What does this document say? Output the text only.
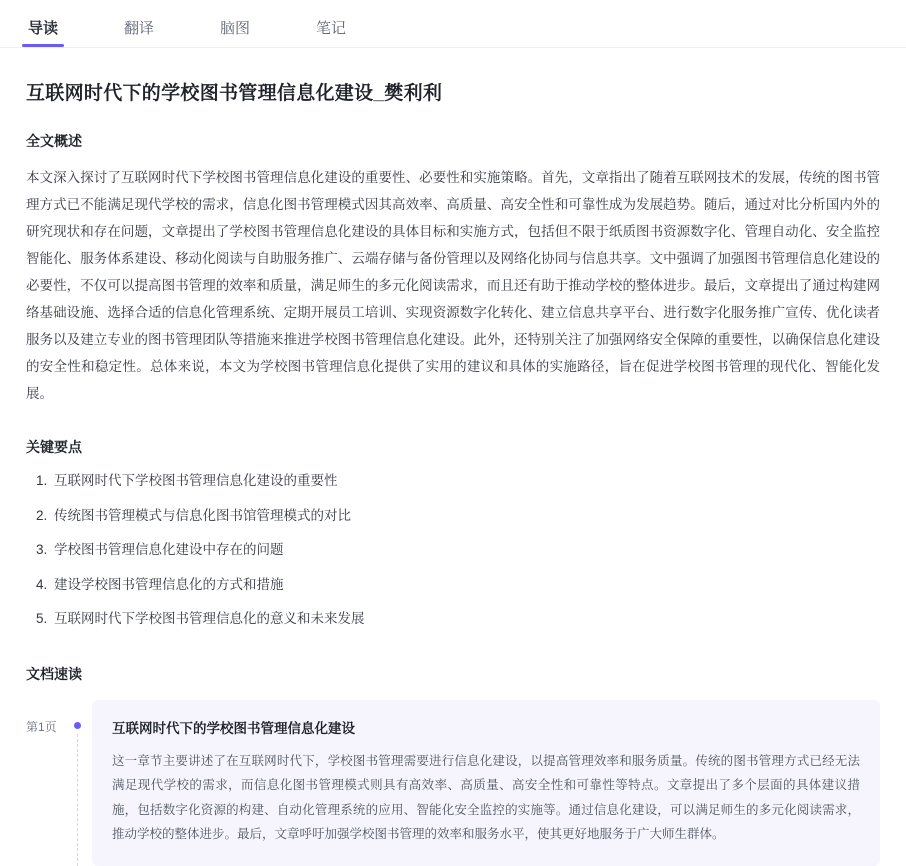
导读	翻译	脑图	笔记
互联网时代下的学校图书管理信息化建设_樊利利
全文概述
本文深入探讨了互联网时代下学校图书管理信息化建设的重要性、必要性和实施策略。首先，文章指出了随着互联网技术的发展，传统的图书管理方式已不能满足现代学校的需求，信息化图书管理模式因其高效率、高质量、高安全性和可靠性成为发展趋势。随后，通过对比分析国内外的研究现状和存在问题，文章提出了学校图书管理信息化建设的具体目标和实施方式，包括但不限于纸质图书资源数字化、管理自动化、安全监控智能化、服务体系建设、移动化阅读与自助服务推广、云端存储与备份管理以及网络化协同与信息共享。文中强调了加强图书管理信息化建设的必要性，不仅可以提高图书管理的效率和质量，满足师生的多元化阅读需求，而且还有助于推动学校的整体进步。最后，文章提出了通过构建网络基础设施、选择合适的信息化管理系统、定期开展员工培训、实现资源数字化转化、建立信息共享平台、进行数字化服务推广宣传、优化读者服务以及建立专业的图书管理团队等措施来推进学校图书管理信息化建设。此外，还特别关注了加强网络安全保障的重要性，以确保信息化建设的安全性和稳定性。总体来说，本文为学校图书管理信息化提供了实用的建议和具体的实施路径，旨在促进学校图书管理的现代化、智能化发展。
关键要点
互联网时代下学校图书管理信息化建设的重要性
传统图书管理模式与信息化图书馆管理模式的对比
学校图书管理信息化建设中存在的问题
建设学校图书管理信息化的方式和措施
互联网时代下学校图书管理信息化的意义和未来发展
文档速读
第1页	互联网时代下的学校图书管理信息化建设
这一章节主要讲述了在互联网时代下，学校图书管理需要进行信息化建设，以提高管理效率和服务质量。传统的图书管理方式已经无法满足现代学校的需求，而信息化图书管理模式则具有高效率、高质量、高安全性和可靠性等特点。文章提出了多个层面的具体建议措施，包括数字化资源的构建、自动化管理系统的应用、智能化安全监控的实施等。通过信息化建设，可以满足师生的多元化阅读需求，推动学校的整体进步。最后，文章呼吁加强学校图书管理的效率和服务水平，使其更好地服务于广大师生群体。
